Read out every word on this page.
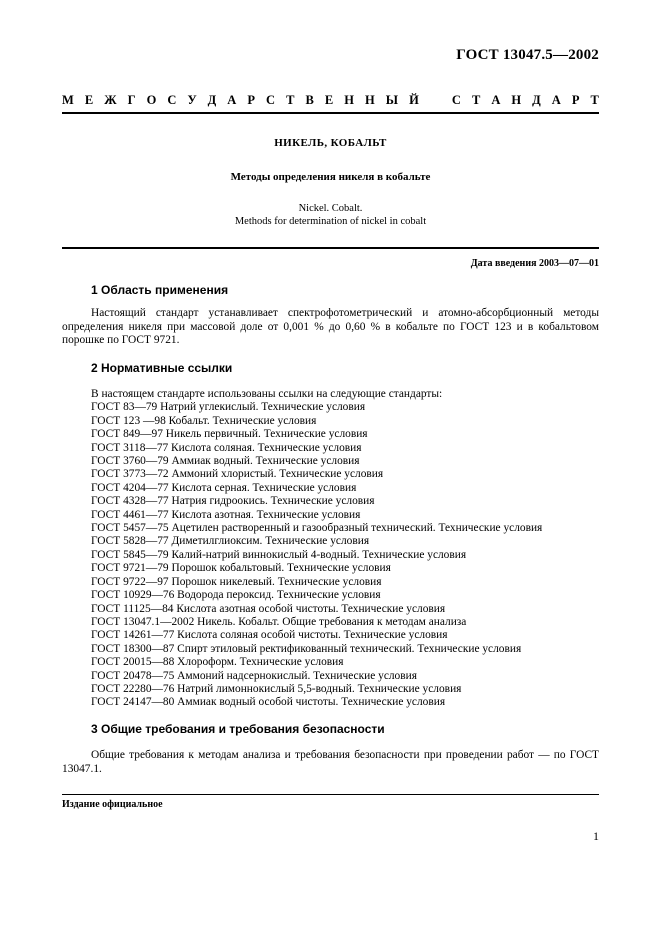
ГОСТ 13047.5—2002
М Е Ж Г О С У Д А Р С Т В Е Н Н Ы Й	С Т А Н Д А Р Т
НИКЕЛЬ, КОБАЛЬТ
Методы определения никеля в кобальте
Nickel. Cobalt.
Methods for determination of nickel in cobalt
Дата введения 2003—07—01
1 Область применения
Настоящий стандарт устанавливает спектрофотометрический и атомно-абсорбционный методы определения никеля при массовой доле от 0,001 % до 0,60 % в кобальте по ГОСТ 123 и в кобальтовом порошке по ГОСТ 9721.
2 Нормативные ссылки
В настоящем стандарте использованы ссылки на следующие стандарты:
ГОСТ 83—79 Натрий углекислый. Технические условия
ГОСТ 123 —98 Кобальт. Технические условия
ГОСТ 849—97 Никель первичный. Технические условия
ГОСТ 3118—77 Кислота соляная. Технические условия
ГОСТ 3760—79 Аммиак водный. Технические условия
ГОСТ 3773—72 Аммоний хлористый. Технические условия
ГОСТ 4204—77 Кислота серная. Технические условия
ГОСТ 4328—77 Натрия гидроокись. Технические условия
ГОСТ 4461—77 Кислота азотная. Технические условия
ГОСТ 5457—75 Ацетилен растворенный и газообразный технический. Технические условия
ГОСТ 5828—77 Диметилглиоксим. Технические условия
ГОСТ 5845—79 Калий-натрий виннокислый 4-водный. Технические условия
ГОСТ 9721—79 Порошок кобальтовый. Технические условия
ГОСТ 9722—97 Порошок никелевый. Технические условия
ГОСТ 10929—76 Водорода пероксид. Технические условия
ГОСТ 11125—84 Кислота азотная особой чистоты. Технические условия
ГОСТ 13047.1—2002 Никель. Кобальт. Общие требования к методам анализа
ГОСТ 14261—77 Кислота соляная особой чистоты. Технические условия
ГОСТ 18300—87 Спирт этиловый ректификованный технический. Технические условия
ГОСТ 20015—88 Хлороформ. Технические условия
ГОСТ 20478—75 Аммоний надсернокислый. Технические условия
ГОСТ 22280—76 Натрий лимоннокислый 5,5-водный. Технические условия
ГОСТ 24147—80 Аммиак водный особой чистоты. Технические условия
3 Общие требования и требования безопасности
Общие требования к методам анализа и требования безопасности при проведении работ — по ГОСТ 13047.1.
Издание официальное
1
